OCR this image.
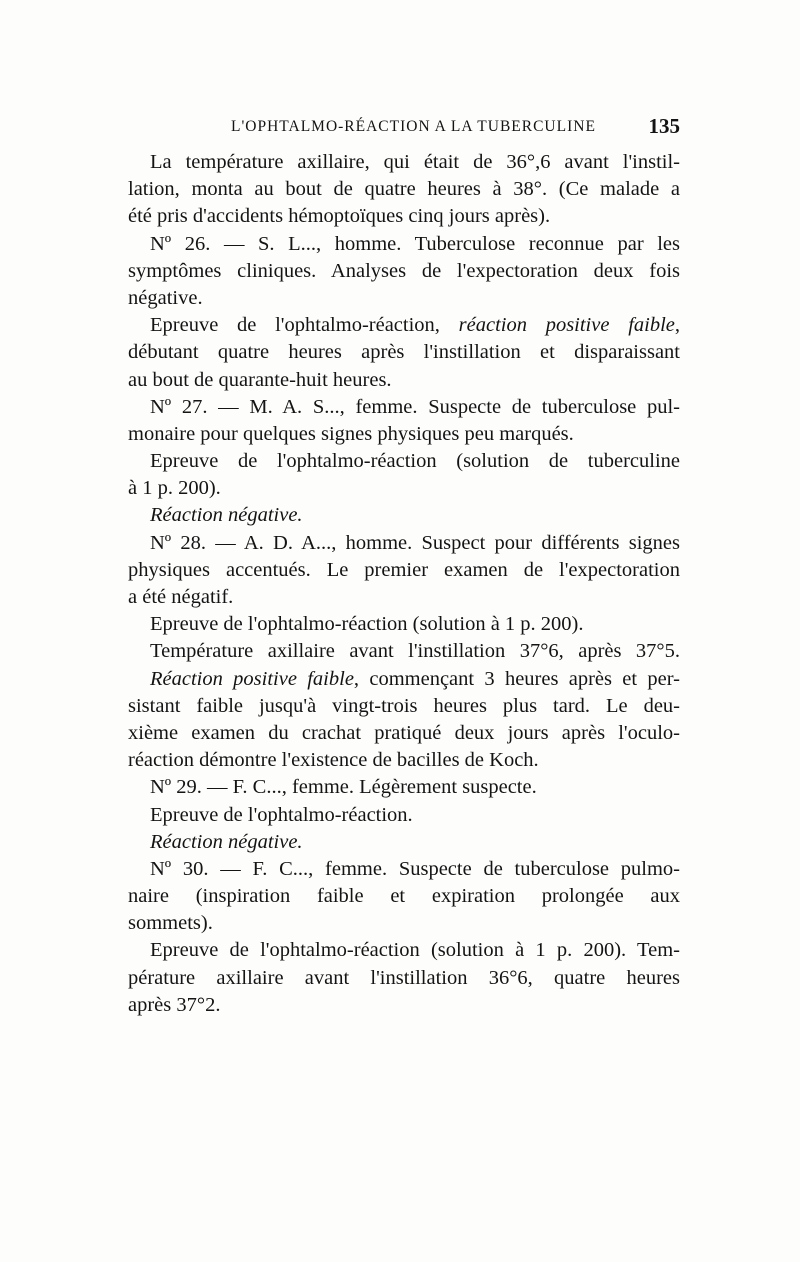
L'OPHTALMO-RÉACTION A LA TUBERCULINE	135
La température axillaire, qui était de 36°,6 avant l'instil-
lation, monta au bout de quatre heures à 38°. (Ce malade a
été pris d'accidents hémoptoïques cinq jours après).
Nº 26. — S. L..., homme. Tuberculose reconnue par les
symptômes cliniques. Analyses de l'expectoration deux fois
négative.
Epreuve de l'ophtalmo-réaction, réaction positive faible,
débutant quatre heures après l'instillation et disparaissant
au bout de quarante-huit heures.
Nº 27. — M. A. S..., femme. Suspecte de tuberculose pul-
monaire pour quelques signes physiques peu marqués.
Epreuve de l'ophtalmo-réaction (solution de tuberculine
à 1 p. 200).
Réaction négative.
Nº 28. — A. D. A..., homme. Suspect pour différents signes
physiques accentués. Le premier examen de l'expectoration
a été négatif.
Epreuve de l'ophtalmo-réaction (solution à 1 p. 200).
Température axillaire avant l'instillation 37°6, après 37°5.
Réaction positive faible, commençant 3 heures après et per-
sistant faible jusqu'à vingt-trois heures plus tard. Le deu-
xième examen du crachat pratiqué deux jours après l'oculo-
réaction démontre l'existence de bacilles de Koch.
Nº 29. — F. C..., femme. Légèrement suspecte.
Epreuve de l'ophtalmo-réaction.
Réaction négative.
Nº 30. — F. C..., femme. Suspecte de tuberculose pulmo-
naire (inspiration faible et expiration prolongée aux
sommets).
Epreuve de l'ophtalmo-réaction (solution à 1 p. 200). Tem-
pérature axillaire avant l'instillation 36°6, quatre heures
après 37°2.
